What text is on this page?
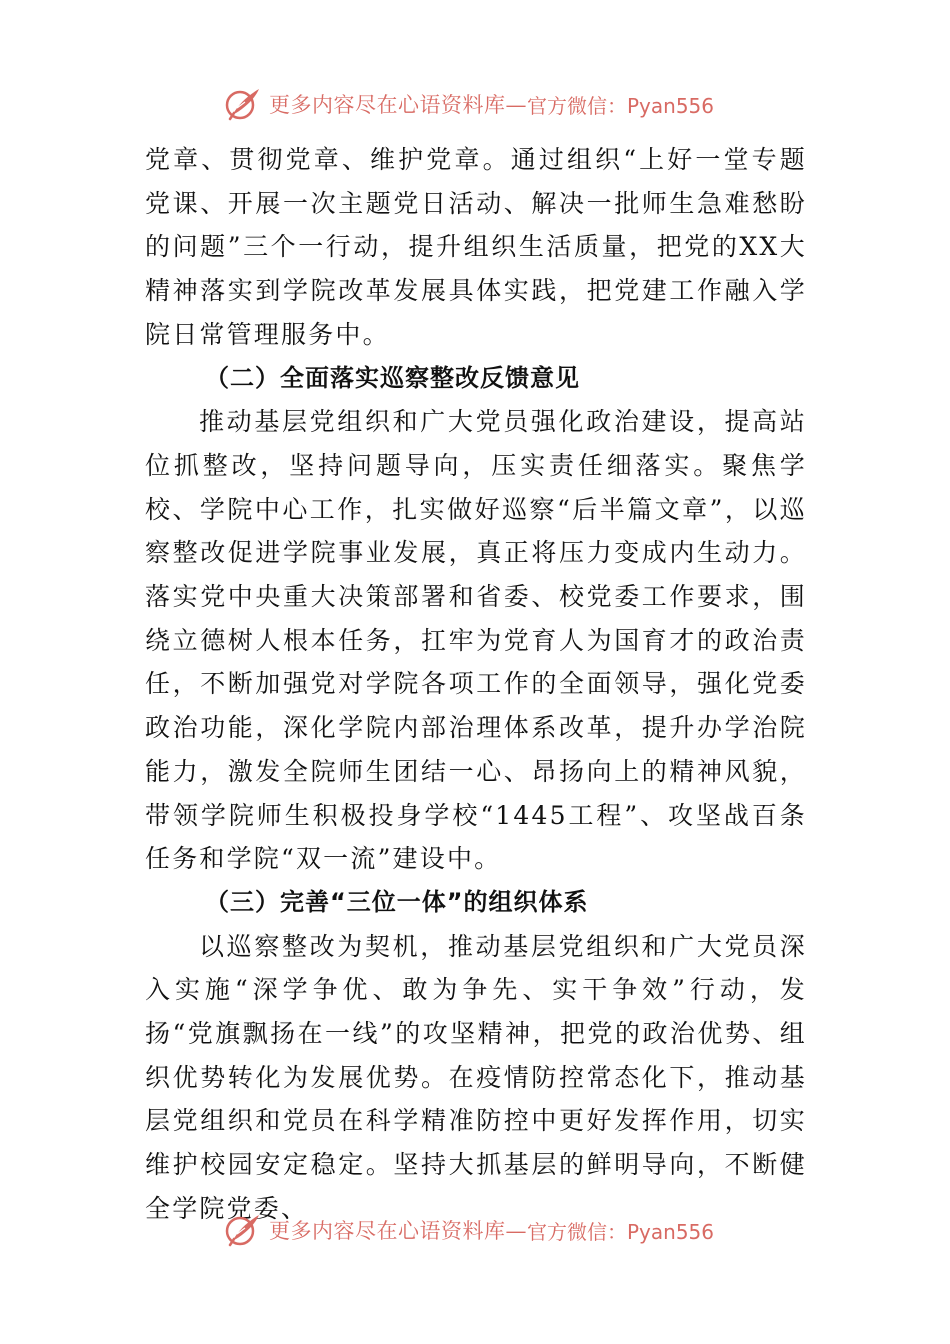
更多内容尽在心语资料库— 官方微信：Pyan556

党章、贯彻党章、维护党章。通过组织“上好一堂专题党课、开展一次主题党日活动、解决一批师生急难愁盼的问题”三个一行动，提升组织生活质量，把党的XX大精神落实到学院改革发展具体实践，把党建工作融入学院日常管理服务中。

（二）全面落实巡察整改反馈意见

推动基层党组织和广大党员强化政治建设，提高站位抓整改，坚持问题导向，压实责任细落实。聚焦学校、学院中心工作，扎实做好巡察“后半篇文章”，以巡察整改促进学院事业发展，真正将压力变成内生动力。落实党中央重大决策部署和省委、校党委工作要求，围绕立德树人根本任务，扛牢为党育人为国育才的政治责任，不断加强党对学院各项工作的全面领导，强化党委政治功能，深化学院内部治理体系改革，提升办学治院能力，激发全院师生团结一心、昂扬向上的精神风貌，带领学院师生积极投身学校“1445工程”、攻坚战百条任务和学院“双一流”建设中。

（三）完善“三位一体”的组织体系

以巡察整改为契机，推动基层党组织和广大党员深入实施“深学争优、敢为争先、实干争效”行动，发扬“党旗飘扬在一线”的攻坚精神，把党的政治优势、组织优势转化为发展优势。在疫情防控常态化下，推动基层党组织和党员在科学精准防控中更好发挥作用，切实维护校园安定稳定。坚持大抓基层的鲜明导向，不断健全学院党委、

更多内容尽在心语资料库— 官方微信：Pyan556
